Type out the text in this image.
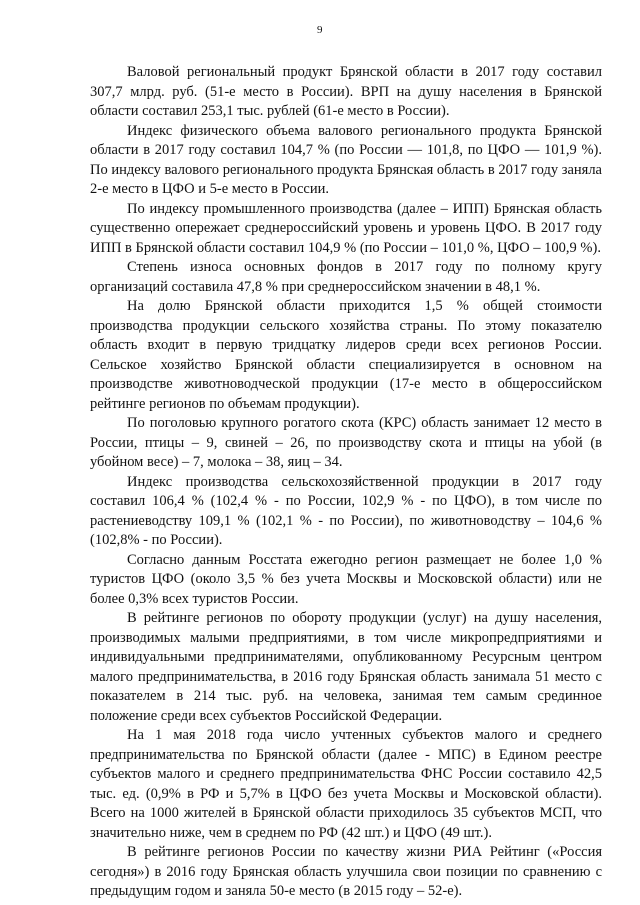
9

Валовой региональный продукт Брянской области в 2017 году составил 307,7 млрд. руб. (51-е место в России). ВРП на душу населения в Брянской области составил 253,1 тыс. рублей (61-е место в России).

Индекс физического объема валового регионального продукта Брянской области в 2017 году составил 104,7 % (по России — 101,8, по ЦФО — 101,9 %). По индексу валового регионального продукта Брянская область в 2017 году заняла 2-е место в ЦФО и 5-е место в России.

По индексу промышленного производства (далее – ИПП) Брянская область существенно опережает среднероссийский уровень и уровень ЦФО. В 2017 году ИПП в Брянской области составил 104,9 % (по России – 101,0 %, ЦФО – 100,9 %).

Степень износа основных фондов в 2017 году по полному кругу организаций составила 47,8 % при среднероссийском значении в 48,1 %.

На долю Брянской области приходится 1,5 % общей стоимости производства продукции сельского хозяйства страны. По этому показателю область входит в первую тридцатку лидеров среди всех регионов России. Сельское хозяйство Брянской области специализируется в основном на производстве животноводческой продукции (17-е место в общероссийском рейтинге регионов по объемам продукции).

По поголовью крупного рогатого скота (КРС) область занимает 12 место в России, птицы – 9, свиней – 26, по производству скота и птицы на убой (в убойном весе) – 7, молока – 38, яиц – 34.

Индекс производства сельскохозяйственной продукции в 2017 году составил 106,4 % (102,4 % - по России, 102,9 % - по ЦФО), в том числе по растениеводству 109,1 % (102,1 % - по России), по животноводству – 104,6 % (102,8% - по России).

Согласно данным Росстата ежегодно регион размещает не более 1,0 % туристов ЦФО (около 3,5 % без учета Москвы и Московской области) или не более 0,3% всех туристов России.

В рейтинге регионов по обороту продукции (услуг) на душу населения, производимых малыми предприятиями, в том числе микропредприятиями и индивидуальными предпринимателями, опубликованному Ресурсным центром малого предпринимательства, в 2016 году Брянская область занимала 51 место с показателем в 214 тыс. руб. на человека, занимая тем самым срединное положение среди всех субъектов Российской Федерации.

На 1 мая 2018 года число учтенных субъектов малого и среднего предпринимательства по Брянской области (далее - МПС) в Едином реестре субъектов малого и среднего предпринимательства ФНС России составило 42,5 тыс. ед. (0,9% в РФ и 5,7% в ЦФО без учета Москвы и Московской области). Всего на 1000 жителей в Брянской области приходилось 35 субъектов МСП, что значительно ниже, чем в среднем по РФ (42 шт.) и ЦФО (49 шт.).

В рейтинге регионов России по качеству жизни РИА Рейтинг («Россия сегодня») в 2016 году Брянская область улучшила свои позиции по сравнению с предыдущим годом и заняла 50-е место (в 2015 году – 52-е).
